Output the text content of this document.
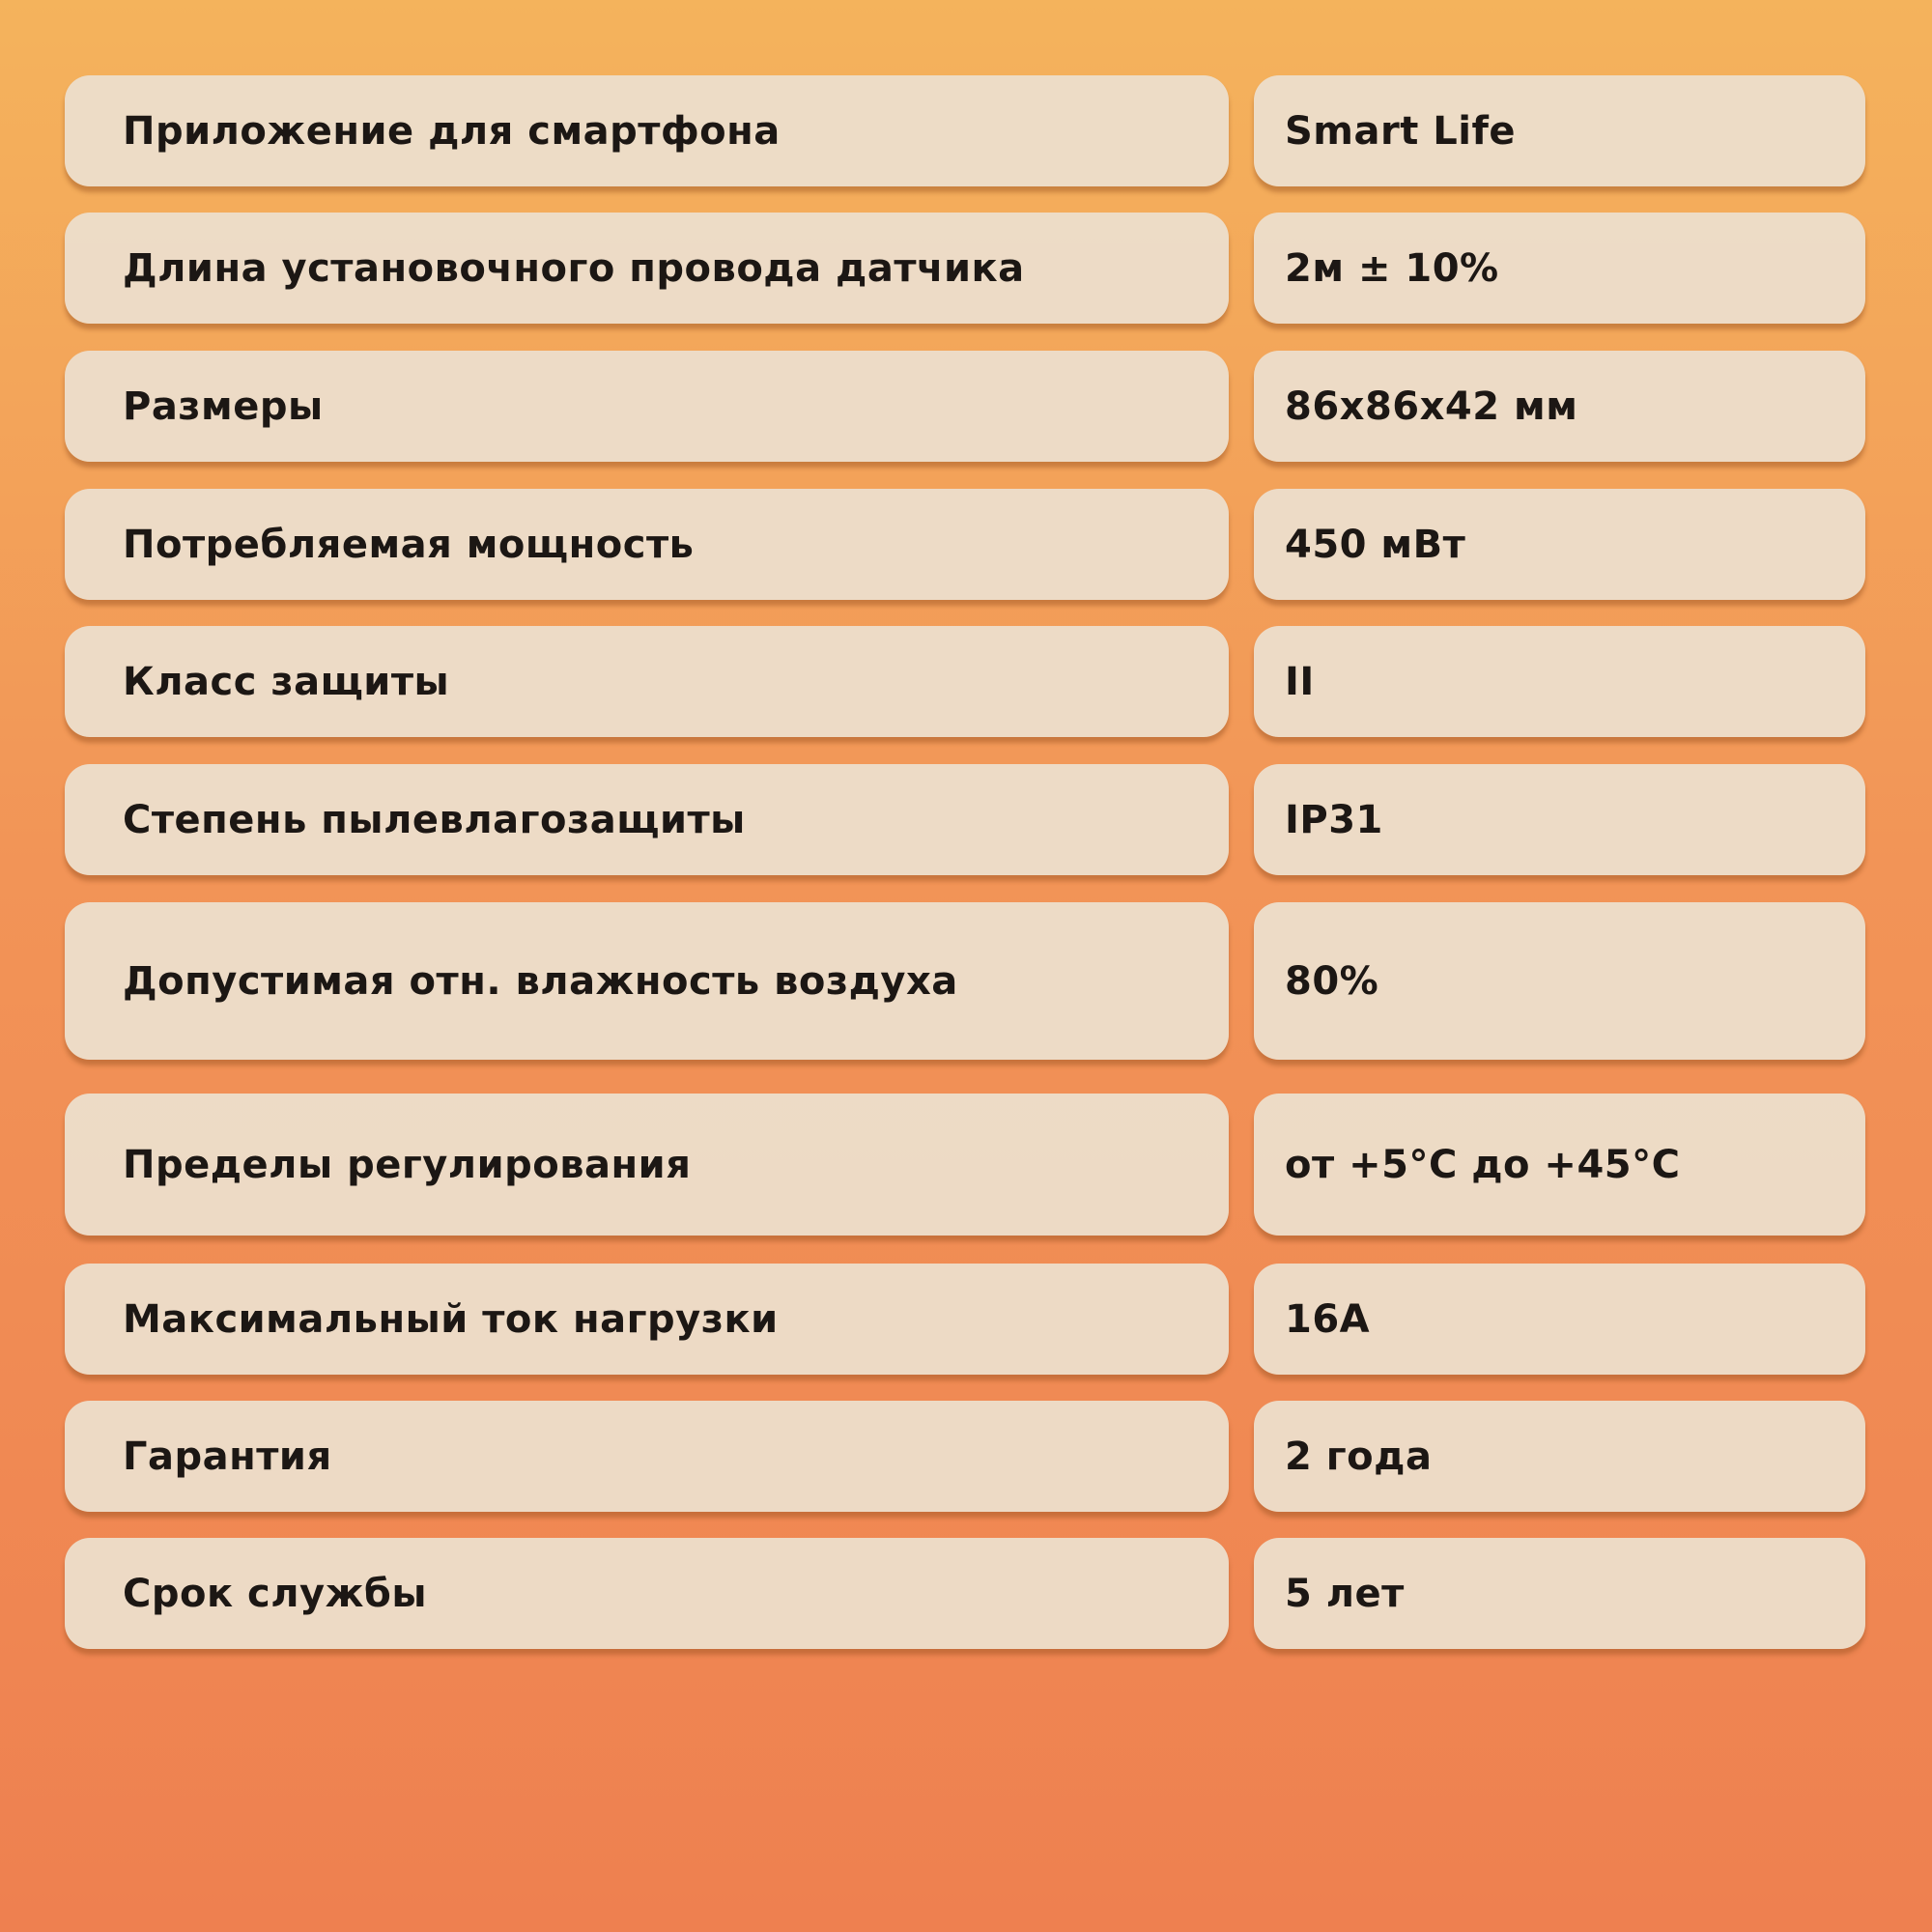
Приложение для смартфона	Smart Life
Длина установочного провода датчика	2м ± 10%
Размеры	86х86х42 мм
Потребляемая мощность	450 мВт
Класс защиты	II
Степень пылевлагозащиты	IP31
Допустимая отн. влажность воздуха	80%
Пределы регулирования	от +5°С до +45°С
Максимальный ток нагрузки	16А
Гарантия	2 года
Срок службы	5 лет
